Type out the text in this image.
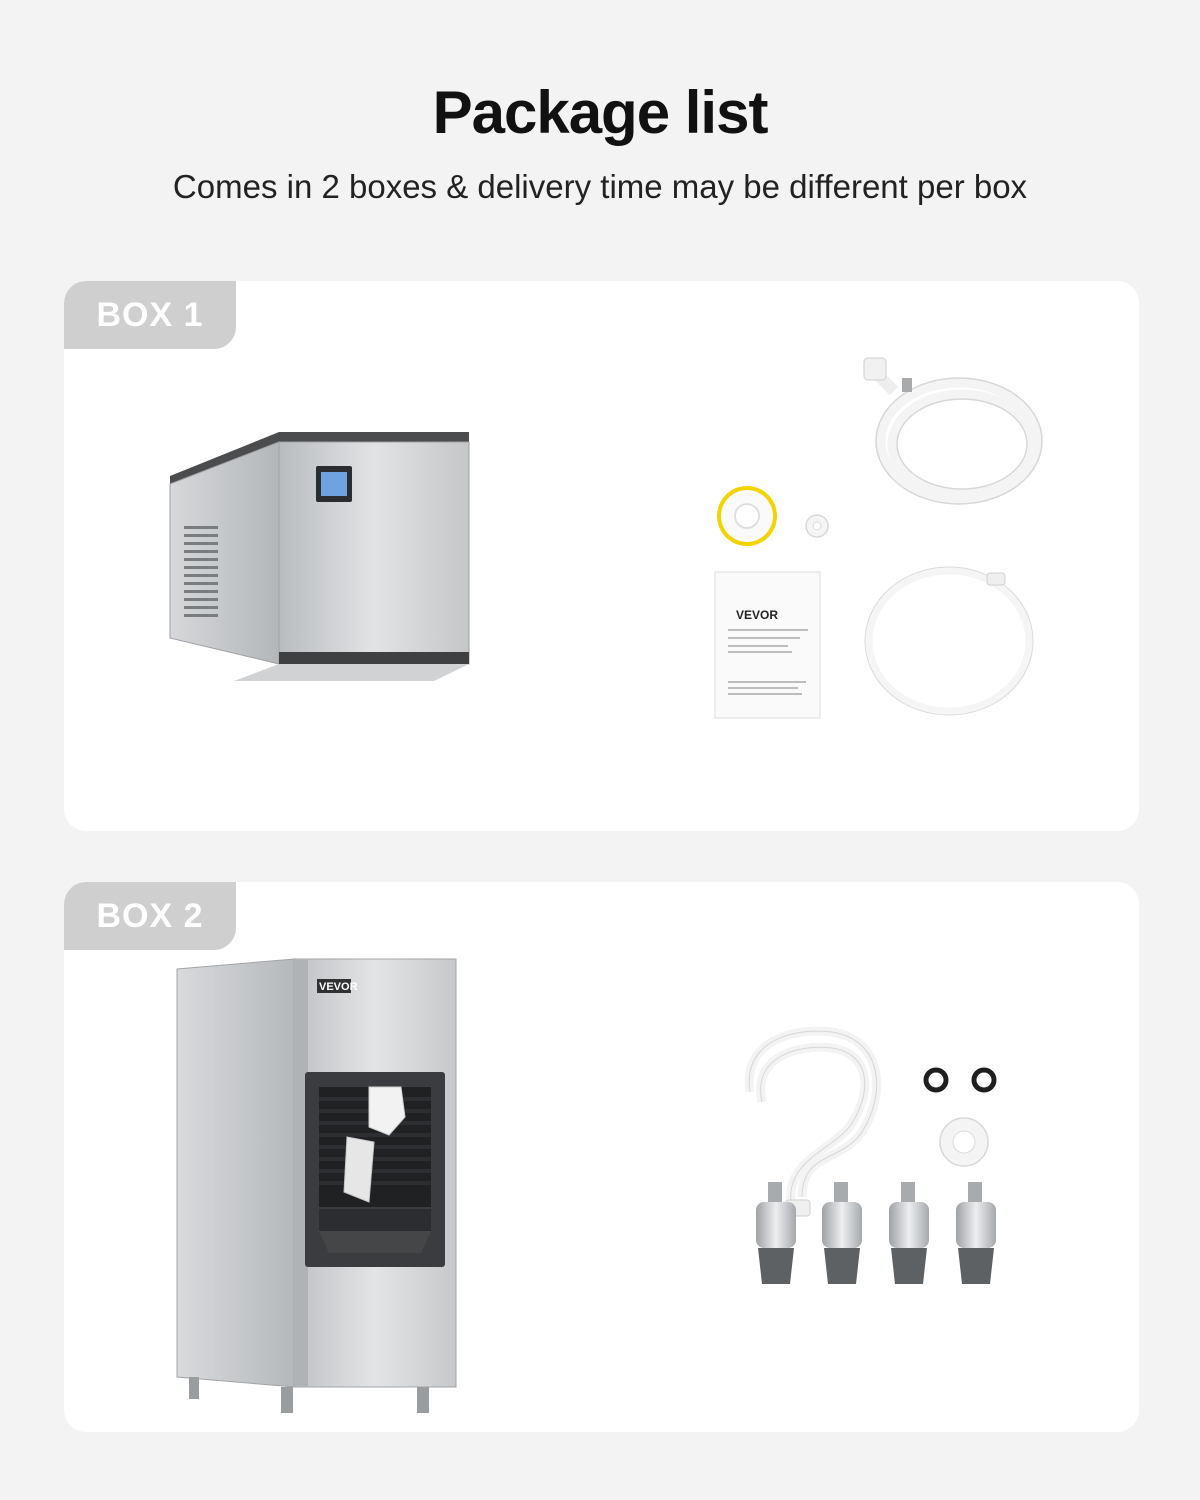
Package list
Comes in 2 boxes & delivery time may be different per box
BOX 1
VEVOR
BOX 2
VEVOR
